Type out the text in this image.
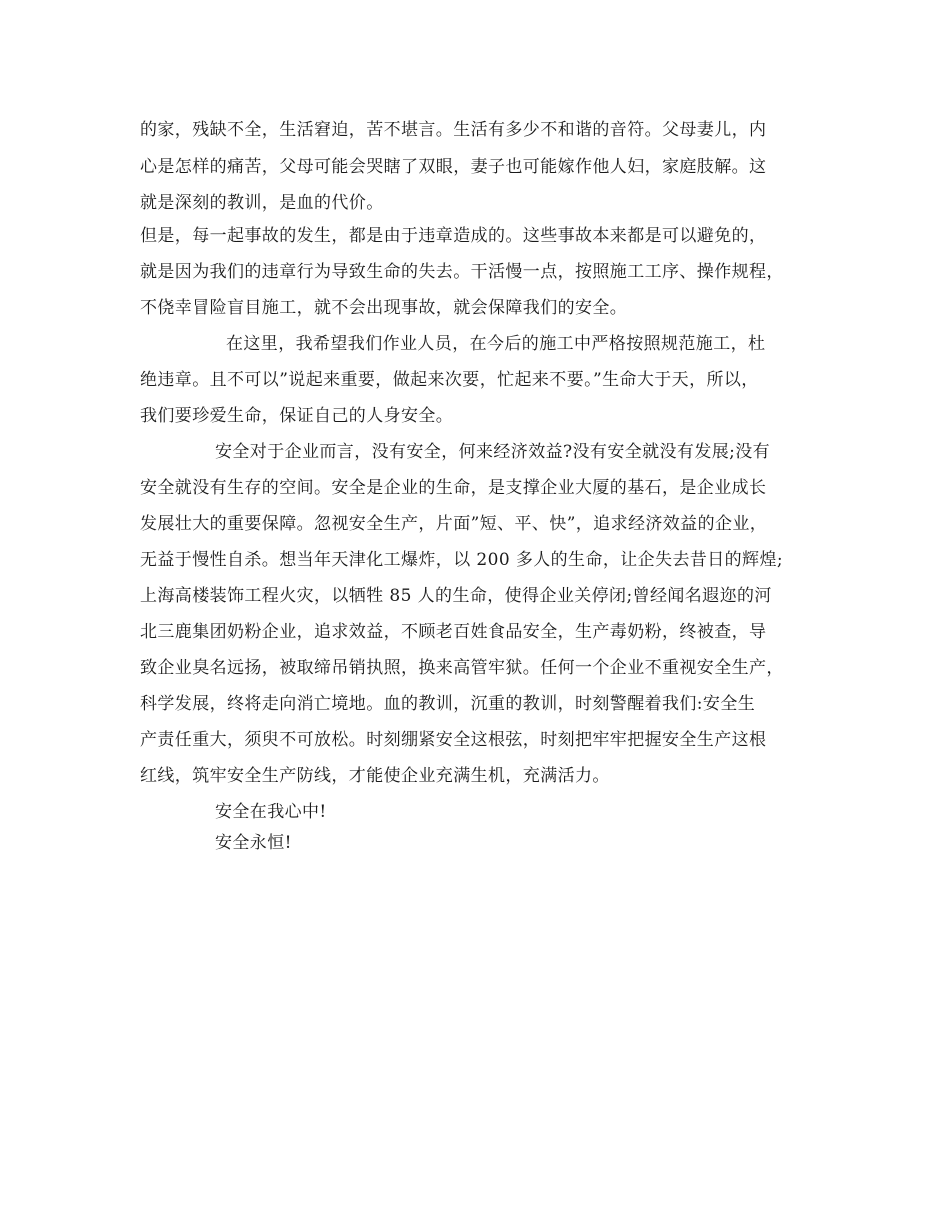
的家，残缺不全，生活窘迫，苦不堪言。生活有多少不和谐的音符。父母妻儿，内

心是怎样的痛苦，父母可能会哭瞎了双眼，妻子也可能嫁作他人妇，家庭肢解。这

就是深刻的教训，是血的代价。

但是，每一起事故的发生，都是由于违章造成的。这些事故本来都是可以避免的，

就是因为我们的违章行为导致生命的失去。干活慢一点，按照施工工序、操作规程，

不侥幸冒险盲目施工，就不会出现事故，就会保障我们的安全。

在这里，我希望我们作业人员，在今后的施工中严格按照规范施工，杜

绝违章。且不可以”说起来重要，做起来次要，忙起来不要。”生命大于天，所以，

我们要珍爱生命，保证自己的人身安全。

安全对于企业而言，没有安全，何来经济效益?没有安全就没有发展;没有

安全就没有生存的空间。安全是企业的生命，是支撑企业大厦的基石，是企业成长

发展壮大的重要保障。忽视安全生产，片面”短、平、快”，追求经济效益的企业，

无益于慢性自杀。想当年天津化工爆炸，以 200 多人的生命，让企失去昔日的辉煌;

上海高楼装饰工程火灾，以牺牲 85 人的生命，使得企业关停闭;曾经闻名遐迩的河

北三鹿集团奶粉企业，追求效益，不顾老百姓食品安全，生产毒奶粉，终被查，导

致企业臭名远扬，被取缔吊销执照，换来高管牢狱。任何一个企业不重视安全生产，

科学发展，终将走向消亡境地。血的教训，沉重的教训，时刻警醒着我们:安全生

产责任重大，须臾不可放松。时刻绷紧安全这根弦，时刻把牢牢把握安全生产这根

红线，筑牢安全生产防线，才能使企业充满生机，充满活力。

安全在我心中!

安全永恒!
